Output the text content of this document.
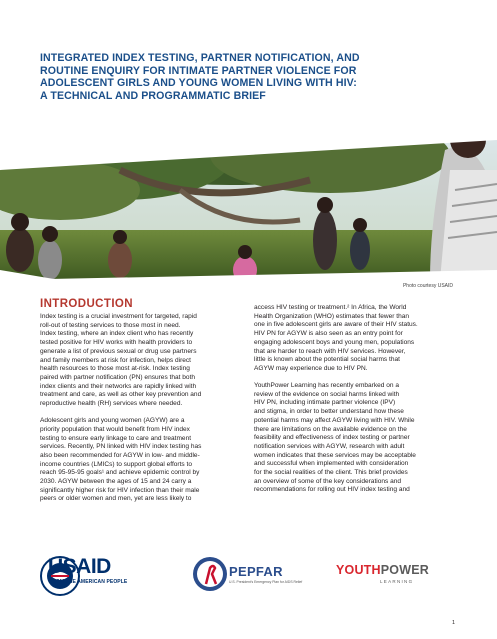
INTEGRATED INDEX TESTING, PARTNER NOTIFICATION, AND
ROUTINE ENQUIRY FOR INTIMATE PARTNER VIOLENCE FOR
ADOLESCENT GIRLS AND YOUNG WOMEN LIVING WITH HIV:
A TECHNICAL AND PROGRAMMATIC BRIEF
Photo courtesy USAID
INTRODUCTION

Index testing is a crucial investment for targeted, rapid
roll-out of testing services to those most in need.
Index testing, where an index client who has recently
tested positive for HIV works with health providers to
generate a list of previous sexual or drug use partners
and family members at risk for infection, helps direct
health resources to those most at-risk. Index testing
paired with partner notification (PN) ensures that both
index clients and their networks are rapidly linked with
treatment and care, as well as other key prevention and
reproductive health (RH) services where needed.

Adolescent girls and young women (AGYW) are a
priority population that would benefit from HIV index
testing to ensure early linkage to care and treatment
services. Recently, PN linked with HIV index testing has
also been recommended for AGYW in low- and middle-
income countries (LMICs) to support global efforts to
reach 95-95-95 goals¹ and achieve epidemic control by
2030. AGYW between the ages of 15 and 24 carry a
significantly higher risk for HIV infection than their male
peers or older women and men, yet are less likely to

access HIV testing or treatment.² In Africa, the World
Health Organization (WHO) estimates that fewer than
one in five adolescent girls are aware of their HIV status.
HIV PN for AGYW is also seen as an entry point for
engaging adolescent boys and young men, populations
that are harder to reach with HIV services. However,
little is known about the potential social harms that
AGYW may experience due to HIV PN.

YouthPower Learning has recently embarked on a
review of the evidence on social harms linked with
HIV PN, including intimate partner violence (IPV)
and stigma, in order to better understand how these
potential harms may affect AGYW living with HIV. While
there are limitations on the available evidence on the
feasibility and effectiveness of index testing or partner
notification services with AGYW, research with adult
women indicates that these services may be acceptable
and successful when implemented with consideration
for the social realities of the client. This brief provides
an overview of some of the key considerations and
recommendations for rolling out HIV index testing and

USAID
FROM THE AMERICAN PEOPLE
PEPFAR
U.S. President's Emergency Plan for AIDS Relief
YOUTHPOWER
LEARNING
1
